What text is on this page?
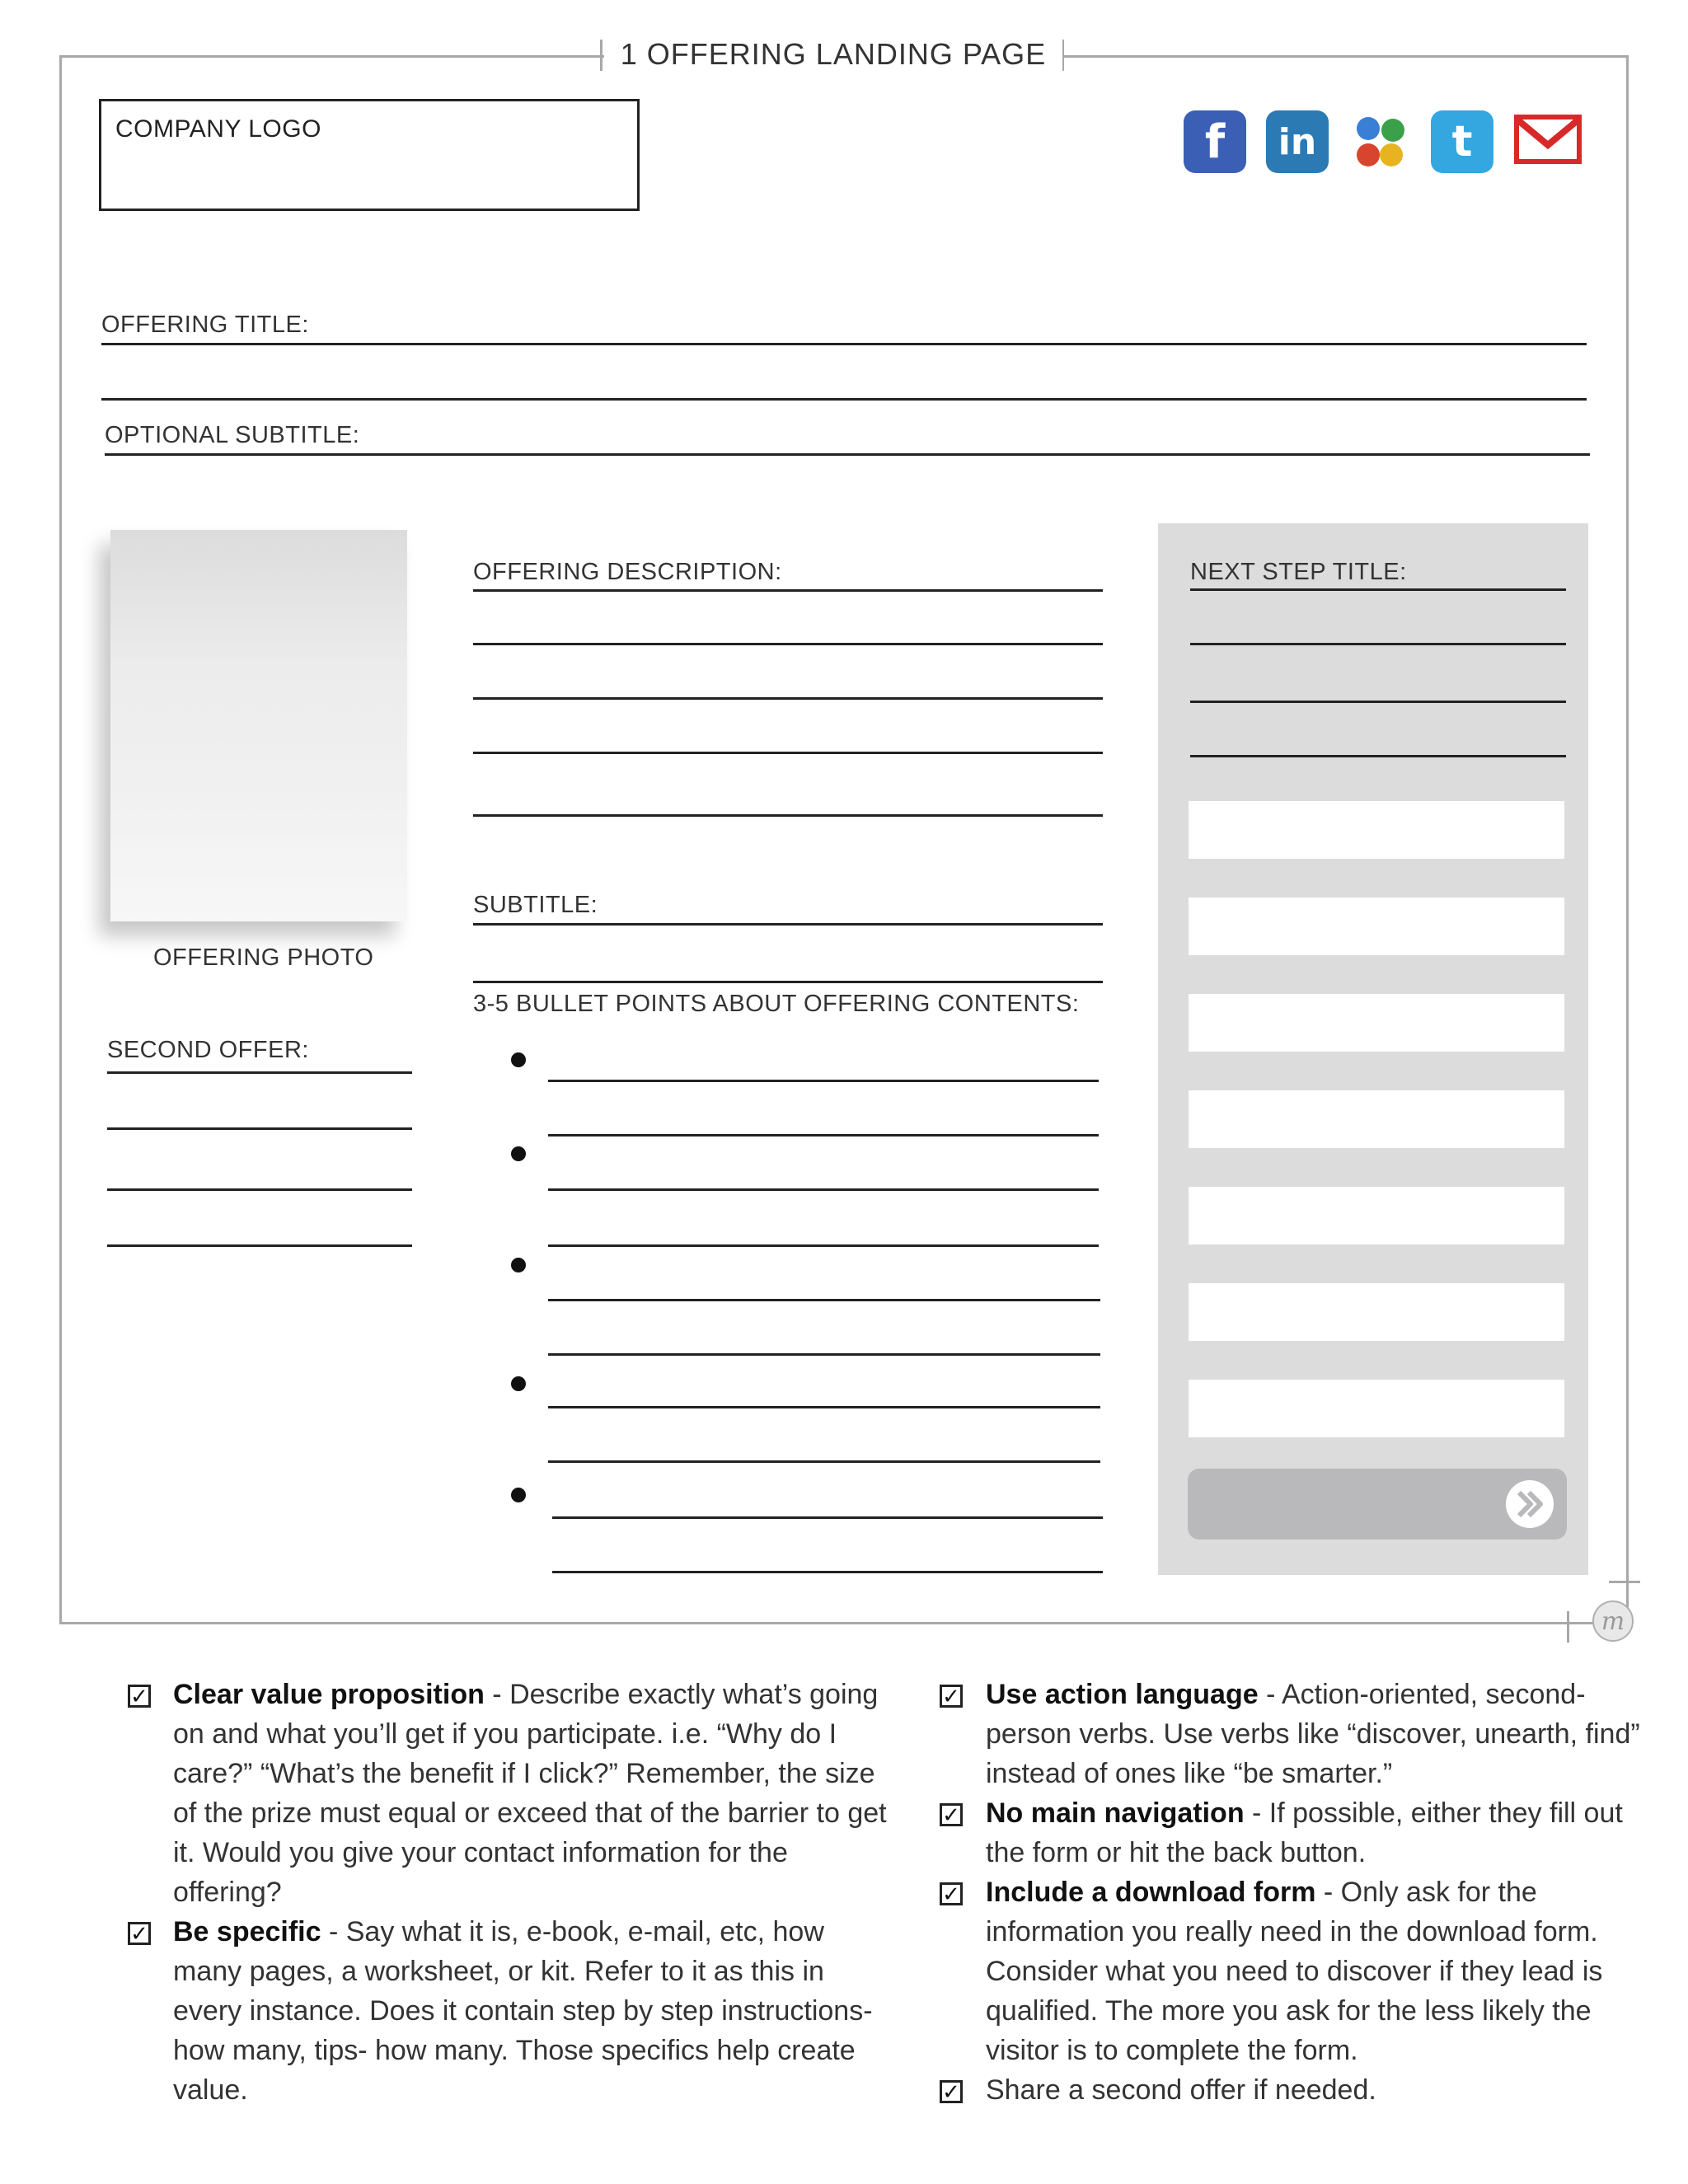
1 OFFERING LANDING PAGE
COMPANY LOGO	f in	t
OFFERING TITLE:
OPTIONAL SUBTITLE:
OFFERING PHOTO
SECOND OFFER:
OFFERING DESCRIPTION:
SUBTITLE:
3-5 BULLET POINTS ABOUT OFFERING CONTENTS:
NEXT STEP TITLE:
m
✓ Clear value proposition - Describe exactly what’s going on and what you’ll get if you participate. i.e. “Why do I care?” “What’s the benefit if I click?” Remember, the size of the prize must equal or exceed that of the barrier to get it. Would you give your contact information for the offering?
✓ Be specific - Say what it is, e-book, e-mail, etc, how many pages, a worksheet, or kit. Refer to it as this in every instance. Does it contain step by step instructions- how many, tips- how many. Those specifics help create value.
✓ Use action language - Action-oriented, second-person verbs. Use verbs like “discover, unearth, find” instead of ones like “be smarter.”
✓ No main navigation - If possible, either they fill out the form or hit the back button.
✓ Include a download form - Only ask for the information you really need in the download form. Consider what you need to discover if they lead is qualified. The more you ask for the less likely the visitor is to complete the form.
✓ Share a second offer if needed.
